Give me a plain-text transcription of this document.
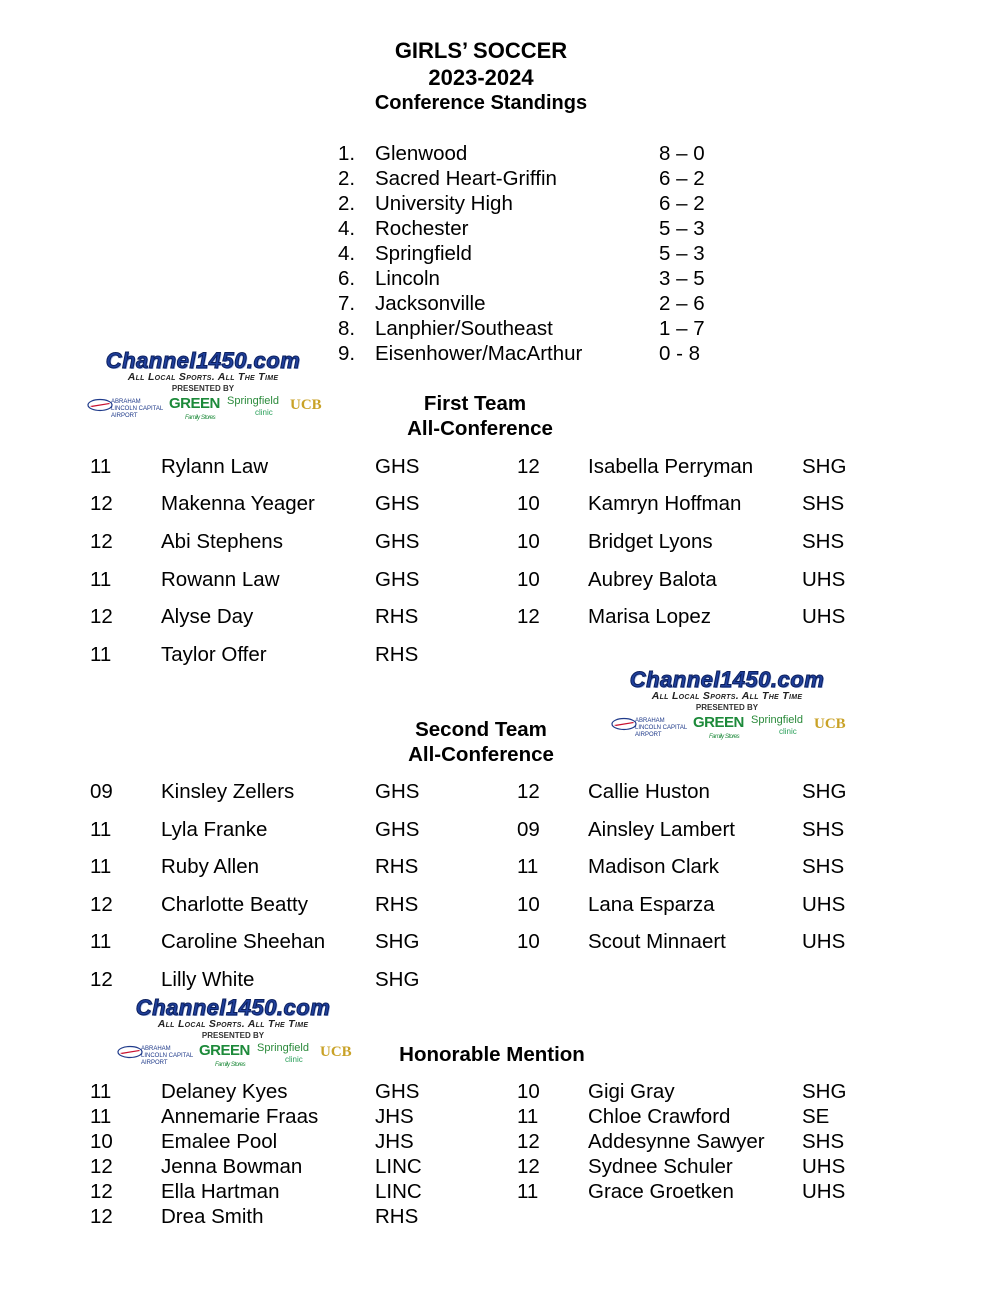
GIRLS’ SOCCER
2023-2024
Conference Standings
1. Glenwood	8 – 0
2. Sacred Heart-Griffin	6 – 2
2. University High	6 – 2
4. Rochester	5 – 3
4. Springfield	5 – 3
6. Lincoln	3 – 5
7. Jacksonville	2 – 6
8. Lanphier/Southeast	1 – 7
9. Eisenhower/MacArthur	0 - 8
Channel1450.com
All Local Sports. All The Time
PRESENTED BY
ABRAHAM LINCOLN CAPITAL AIRPORT
GREEN
Family Stores
Springfield
clinic UCB	First Team
All-Conference
11 Rylann Law	GHS
12 Makenna Yeager	GHS
12 Abi Stephens	GHS
11 Rowann Law	GHS
12 Alyse Day	RHS
11 Taylor Offer	RHS
12 Isabella Perryman SHG
10 Kamryn Hoffman	SHS
10 Bridget Lyons	SHS
10 Aubrey Balota	UHS
12 Marisa Lopez	UHS
Channel1450.com
All Local Sports. All The Time
PRESENTED BY
ABRAHAM LINCOLN CAPITAL AIRPORT
GREEN
Family Stores
Springfield
clinic UCB
Second Team
All-Conference
09 Kinsley Zellers	GHS
11 Lyla Franke	GHS
11 Ruby Allen	RHS
12 Charlotte Beatty	RHS
11 Caroline Sheehan SHG
12 Lilly White	SHG
12 Callie Huston	SHG
09 Ainsley Lambert	SHS
11 Madison Clark	SHS
10 Lana Esparza	UHS
10 Scout Minnaert	UHS
Channel1450.com
All Local Sports. All The Time
PRESENTED BY
ABRAHAM LINCOLN CAPITAL AIRPORT
GREEN
Family Stores
Springfield
clinic UCB	Honorable Mention
11 Delaney Kyes	GHS
11 Annemarie Fraas	JHS
10 Emalee Pool	JHS
12 Jenna Bowman	LINC
12 Ella Hartman	LINC
12 Drea Smith	RHS
10 Gigi Gray	SHG
11 Chloe Crawford	SE
12 Addesynne Sawyer SHS
12 Sydnee Schuler	UHS
11 Grace Groetken	UHS
